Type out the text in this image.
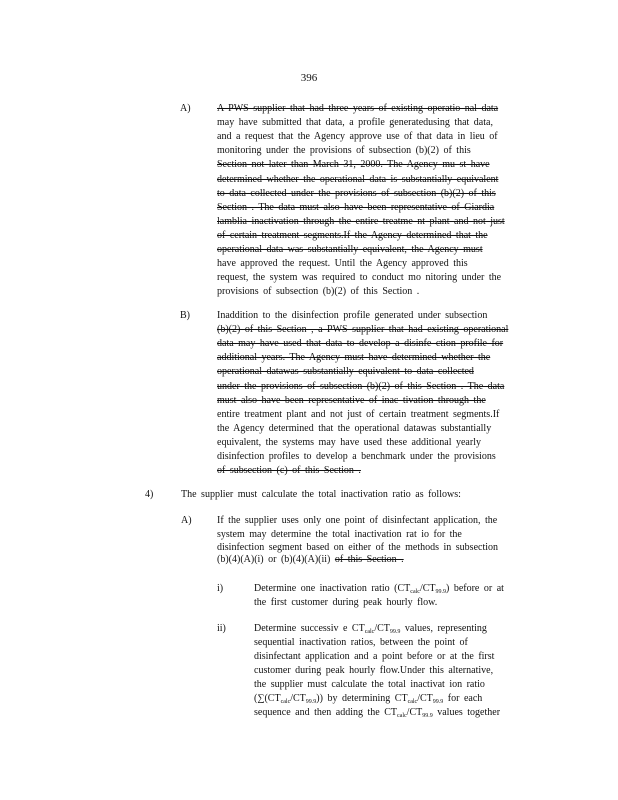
396
A)	A PWS supplier that had three years of existing operatio nal data
may have submitted that data, a profile generatedusing that data,
and a request that the Agency approve use of that data in lieu of
monitoring under the provisions of subsection (b)(2) of this
Section not later than March 31, 2000. The Agency mu st have
determined whether the operational data is substantially equivalent
to data collected under the provisions of subsection (b)(2) of this
Section . The data must also have been representative of Giardia
lamblia inactivation through the entire treatme nt plant and not just
of certain treatment segments.If the Agency determined that the
operational data was substantially equivalent, the Agency must
have approved the request. Until the Agency approved this
request, the system was required to conduct mo nitoring under the
provisions of subsection (b)(2) of this Section .
B)	Inaddition to the disinfection profile generated under subsection
(b)(2) of this Section , a PWS supplier that had existing operational
data may have used that data to develop a disinfe ction profile for
additional years. The Agency must have determined whether the
operational datawas substantially equivalent to data collected
under the provisions of subsection (b)(2) of this Section . The data
must also have been representative of inac tivation through the
entire treatment plant and not just of certain treatment segments.If
the Agency determined that the operational datawas substantially
equivalent, the systems may have used these additional yearly
disinfection profiles to develop a benchmark under the provisions
of subsection (c) of this Section .
4)	The supplier must calculate the total inactivation ratio as follows:
A)	If the supplier uses only one point of disinfectant application, the
system may determine the total inactivation rat io for the
disinfection segment based on either of the methods in subsection
(b)(4)(A)(i) or (b)(4)(A)(ii) of this Section .
i)	Determine one inactivation ratio $(CT_{calc}/CT_{99.9})$ before or at
the first customer during peak hourly flow.
ii)	Determine successiv e $CT_{calc}/CT_{99.9}$ values, representing
sequential inactivation ratios, between the point of
disinfectant application and a point before or at the first
customer during peak hourly flow.Under this alternative,
the supplier must calculate the total inactivat ion ratio
$(\sum(CT_{calc}/CT_{99.9}))$ by determining $CT_{calc}/CT_{99.9}$ for each
sequence and then adding the $CT_{calc}/CT_{99.9}$ values together
